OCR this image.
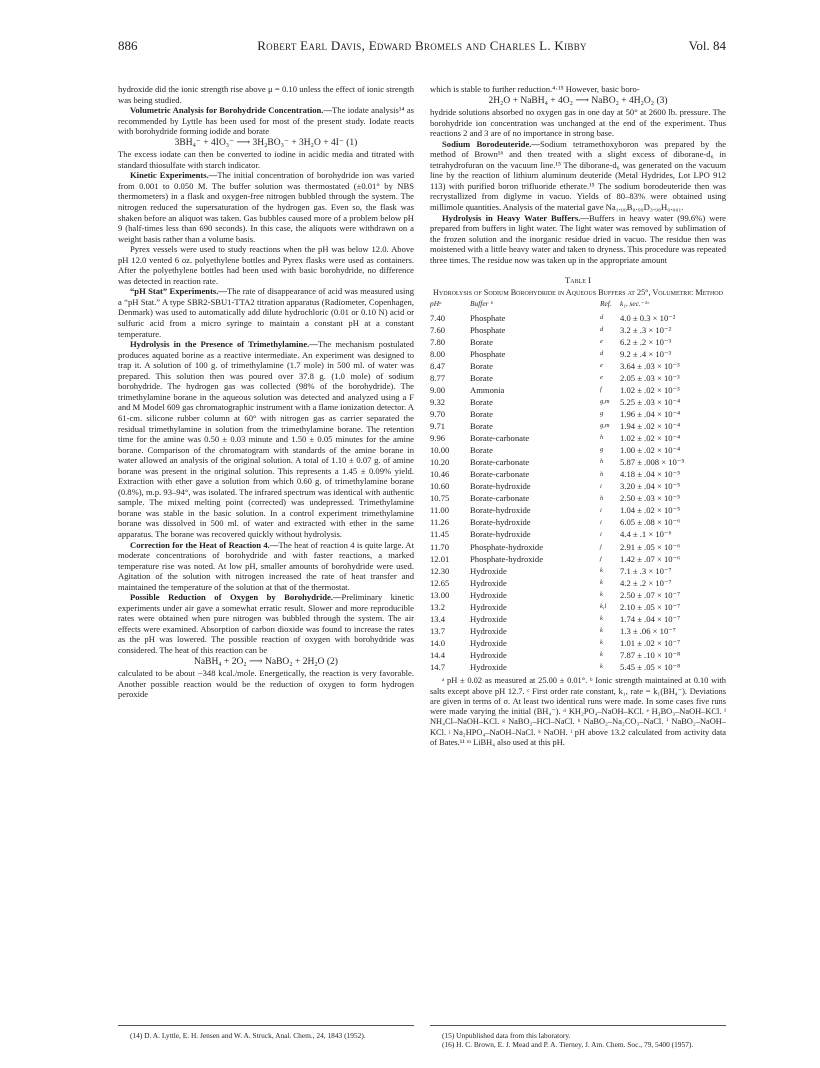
886	Robert Earl Davis, Edward Bromels and Charles L. Kibby	Vol. 84

hydroxide did the ionic strength rise above μ = 0.10 unless the effect of ionic strength was being studied.

Volumetric Analysis for Borohydride Concentration.—The iodate analysis¹⁴ as recommended by Lyttle has been used for most of the present study. Iodate reacts with borohydride forming iodide and borate

3BH₄⁻ + 4IO₃⁻ ⟶ 3H₂BO₃⁻ + 3H₂O + 4I⁻ (1)

The excess iodate can then be converted to iodine in acidic media and titrated with standard thiosulfate with starch indicator.

Kinetic Experiments.—The initial concentration of borohydride ion was varied from 0.001 to 0.050 M. The buffer solution was thermostated (±0.01° by NBS thermometers) in a flask and oxygen-free nitrogen bubbled through the system. The nitrogen reduced the supersaturation of the hydrogen gas. Even so, the flask was shaken before an aliquot was taken. Gas bubbles caused more of a problem below pH 9 (half-times less than 690 seconds). In this case, the aliquots were withdrawn on a weight basis rather than a volume basis.

Pyrex vessels were used to study reactions when the pH was below 12.0. Above pH 12.0 vented 6 oz. polyethylene bottles and Pyrex flasks were used as containers. After the polyethylene bottles had been used with basic borohydride, no difference was detected in reaction rate.

“pH Stat” Experiments.—The rate of disappearance of acid was measured using a “pH Stat.” A type SBR2-SBU1-TTA2 titration apparatus (Radiometer, Copenhagen, Denmark) was used to automatically add dilute hydrochloric (0.01 or 0.10 N) acid or sulfuric acid from a micro syringe to maintain a constant pH at a constant temperature.

Hydrolysis in the Presence of Trimethylamine.—The mechanism postulated produces aquated borine as a reactive intermediate. An experiment was designed to trap it. A solution of 100 g. of trimethylamine (1.7 mole) in 500 ml. of water was prepared. This solution then was poured over 37.8 g. (1.0 mole) of sodium borohydride. The hydrogen gas was collected (98% of the borohydride). The trimethylamine borane in the aqueous solution was detected and analyzed using a F and M Model 609 gas chromatographic instrument with a flame ionization detector. A 61-cm. silicone rubber column at 60° with nitrogen gas as carrier separated the residual trimethylamine in solution from the trimethylamine borane. The retention time for the amine was 0.50 ± 0.03 minute and 1.50 ± 0.05 minutes for the amine borane. Comparison of the chromatogram with standards of the amine borane in water allowed an analysis of the original solution. A total of 1.10 ± 0.07 g. of amine borane was present in the original solution. This represents a 1.45 ± 0.09% yield. Extraction with ether gave a solution from which 0.60 g. of trimethylamine borane (0.8%), m.p. 93–94°, was isolated. The infrared spectrum was identical with authentic sample. The mixed melting point (corrected) was undepressed. Trimethylamine borane was stable in the basic solution. In a control experiment trimethylamine borane was dissolved in 500 ml. of water and extracted with ether in the same apparatus. The borane was recovered quickly without hydrolysis.

Correction for the Heat of Reaction 4.—The heat of reaction 4 is quite large. At moderate concentrations of borohydride and with faster reactions, a marked temperature rise was noted. At low pH, smaller amounts of borohydride were used. Agitation of the solution with nitrogen increased the rate of heat transfer and maintained the temperature of the solution at that of the thermostat.

Possible Reduction of Oxygen by Borohydride.—Preliminary kinetic experiments under air gave a somewhat erratic result. Slower and more reproducible rates were obtained when pure nitrogen was bubbled through the system. The air effects were examined. Absorption of carbon dioxide was found to increase the rates as the pH was lowered. The possible reaction of oxygen with borohydride was considered. The heat of this reaction can be

NaBH₄ + 2O₂ ⟶ NaBO₂ + 2H₂O (2)

calculated to be about −348 kcal./mole. Energetically, the reaction is very favorable. Another possible reaction would be the reduction of oxygen to form hydrogen peroxide

which is stable to further reduction.⁴·¹⁵ However, basic boro-

2H₂O + NaBH₄ + 4O₂ ⟶ NaBO₂ + 4H₂O₂ (3)

hydride solutions absorbed no oxygen gas in one day at 50° at 2600 lb. pressure. The borohydride ion concentration was unchanged at the end of the experiment. Thus reactions 2 and 3 are of no importance in strong base.

Sodium Borodeuteride.—Sodium tetramethoxyboron was prepared by the method of Brown¹⁶ and then treated with a slight excess of diborane-d₆ in tetrahydrofuran on the vacuum line.¹⁵ The diborane-d₆ was generated on the vacuum line by the reaction of lithium aluminum deuteride (Metal Hydrides, Lot LPO 912 113) with purified boron trifluoride etherate.¹⁵ The sodium borodeuteride then was recrystallized from diglyme in vacuo. Yields of 80–83% were obtained using millimole quantities. Analysis of the material gave Na₁.₀₀B₀.₉₉D₃.₉₈H₀.₀₀₁.

Hydrolysis in Heavy Water Buffers.—Buffers in heavy water (99.6%) were prepared from buffers in light water. The light water was removed by sublimation of the frozen solution and the inorganic residue dried in vacuo. The residue then was moistened with a little heavy water and taken to dryness. This procedure was repeated three times. The residue now was taken up in the appropriate amount

Table I
Hydrolysis of Sodium Borohydride in Aqueous Buffers at 25°, Volumetric Method
pHᵃ	Buffer ᵇ	Ref.	k₁, sec.⁻¹ᶜ
7.40	Phosphate	d	4.0 ± 0.3 × 10⁻²
7.60	Phosphate	d	3.2 ± .3 × 10⁻²
7.80	Borate	e	6.2 ± .2 × 10⁻³
8.00	Phosphate	d	9.2 ± .4 × 10⁻³
8.47	Borate	e	3.64 ± .03 × 10⁻³
8.77	Borate	e	2.05 ± .03 × 10⁻³
9.00	Ammonia	f	1.02 ± .02 × 10⁻³
9.32	Borate	g,m	5.25 ± .03 × 10⁻⁴
9.70	Borate	g	1.96 ± .04 × 10⁻⁴
9.71	Borate	g,m	1.94 ± .02 × 10⁻⁴
9.96	Borate-carbonate	h	1.02 ± .02 × 10⁻⁴
10.00	Borate	g	1.00 ± .02 × 10⁻⁴
10.20	Borate-carbonate	h	5.87 ± .008 × 10⁻⁵
10.46	Borate-carbonate	h	4.18 ± .04 × 10⁻⁵
10.60	Borate-hydroxide	i	3.20 ± .04 × 10⁻⁵
10.75	Borate-carbonate	h	2.50 ± .03 × 10⁻⁵
11.00	Borate-hydroxide	i	1.04 ± .02 × 10⁻⁵
11.26	Borate-hydroxide	i	6.05 ± .08 × 10⁻⁶
11.45	Borate-hydroxide	i	4.4 ± .1 × 10⁻⁶
11.70	Phosphate-hydroxide	j	2.91 ± .05 × 10⁻⁶
12.01	Phosphate-hydroxide	j	1.42 ± .07 × 10⁻⁶
12.30	Hydroxide	k	7.1 ± .3 × 10⁻⁷
12.65	Hydroxide	k	4.2 ± .2 × 10⁻⁷
13.00	Hydroxide	k	2.50 ± .07 × 10⁻⁷
13.2	Hydroxide	k,l	2.10 ± .05 × 10⁻⁷
13.4	Hydroxide	k	1.74 ± .04 × 10⁻⁷
13.7	Hydroxide	k	1.3 ± .06 × 10⁻⁷
14.0	Hydroxide	k	1.01 ± .02 × 10⁻⁷
14.4	Hydroxide	k	7.87 ± .10 × 10⁻⁸
14.7	Hydroxide	k	5.45 ± .05 × 10⁻⁸

ᵃ pH ± 0.02 as measured at 25.00 ± 0.01°. ᵇ Ionic strength maintained at 0.10 with salts except above pH 12.7. ᶜ First order rate constant, k₁, rate = k₁(BH₄⁻). Deviations are given in terms of σ. At least two identical runs were made. In some cases five runs were made varying the initial (BH₄⁻). ᵈ KH₂PO₄–NaOH–KCl. ᵉ H₃BO₃–NaOH–KCl. ᶠ NH₄Cl–NaOH–KCl. ᵍ NaBO₂–HCl–NaCl. ʰ NaBO₂–Na₂CO₃–NaCl. ⁱ NaBO₂–NaOH–KCl. ʲ Na₂HPO₄–NaOH–NaCl. ᵏ NaOH. ˡ pH above 13.2 calculated from activity data of Bates.¹¹ ᵐ LiBH₄ also used at this pH.

(14) D. A. Lyttle, E. H. Jensen and W. A. Struck, Anal. Chem., 24, 1843 (1952).	(15) Unpublished data from this laboratory.

(16) H. C. Brown, E. J. Mead and P. A. Tierney, J. Am. Chem. Soc., 79, 5400 (1957).
